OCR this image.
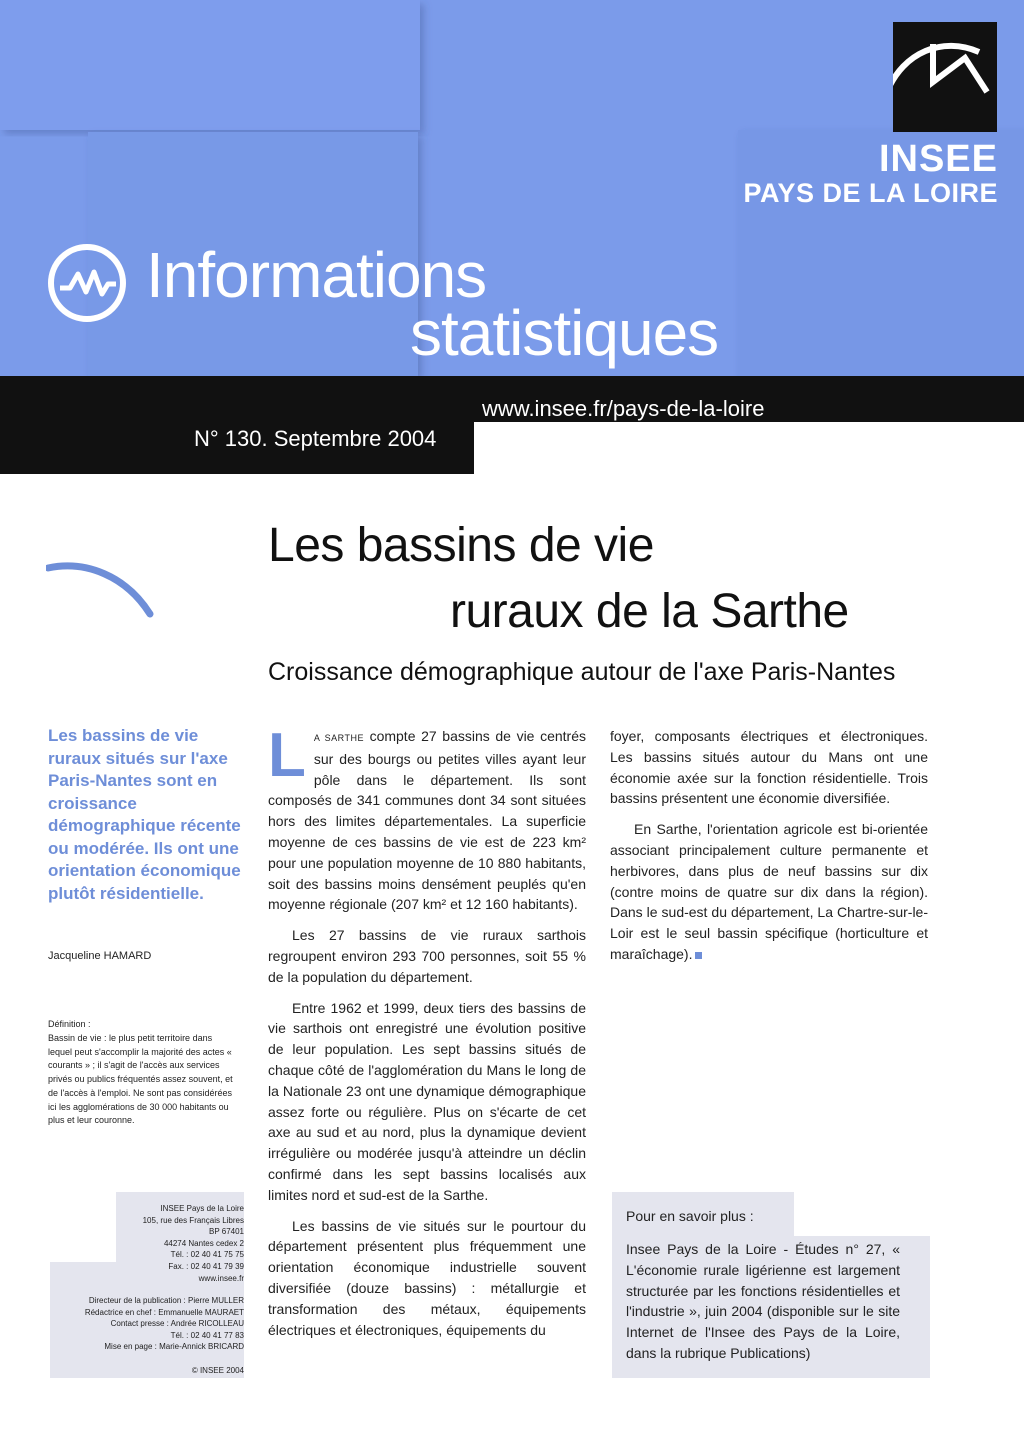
INSEE
PAYS DE LA LOIRE
Informations
statistiques
www.insee.fr/pays-de-la-loire
N° 130. Septembre 2004
Les bassins de vie
ruraux de la Sarthe
Croissance démographique autour de l'axe Paris-Nantes
Les bassins de vie ruraux situés sur l'axe Paris-Nantes sont en croissance démographique récente ou modérée. Ils ont une orientation économique plutôt résidentielle.
Jacqueline HAMARD
Définition :
Bassin de vie : le plus petit territoire dans lequel peut s'accomplir la majorité des actes « courants » ; il s'agit de l'accès aux services privés ou publics fréquentés assez souvent, et de l'accès à l'emploi. Ne sont pas considérées ici les agglomérations de 30 000 habitants ou plus et leur couronne.
INSEE Pays de la Loire
105, rue des Français Libres
BP 67401
44274 Nantes cedex 2
Tél. : 02 40 41 75 75
Fax. : 02 40 41 79 39
www.insee.fr
Directeur de la publication : Pierre MULLER
Rédactrice en chef : Emmanuelle MAURAET
Contact presse : Andrée RICOLLEAU
Tél. : 02 40 41 77 83
Mise en page : Marie-Annick BRICARD
© INSEE 2004

L A SARTHE compte 27 bassins de vie centrés sur des bourgs ou petites villes ayant leur pôle dans le département. Ils sont composés de 341 communes dont 34 sont situées hors des limites départementales. La superficie moyenne de ces bassins de vie est de 223 km² pour une population moyenne de 10 880 habitants, soit des bassins moins densément peuplés qu'en moyenne régionale (207 km² et 12 160 habitants).

Les 27 bassins de vie ruraux sarthois regroupent environ 293 700 personnes, soit 55 % de la population du département.

Entre 1962 et 1999, deux tiers des bassins de vie sarthois ont enregistré une évolution positive de leur population. Les sept bassins situés de chaque côté de l'agglomération du Mans le long de la Nationale 23 ont une dynamique démographique assez forte ou régulière. Plus on s'écarte de cet axe au sud et au nord, plus la dynamique devient irrégulière ou modérée jusqu'à atteindre un déclin confirmé dans les sept bassins localisés aux limites nord et sud-est de la Sarthe.

Les bassins de vie situés sur le pourtour du département présentent plus fréquemment une orientation économique industrielle souvent diversifiée (douze bassins) : métallurgie et transformation des métaux, équipements électriques et électroniques, équipements du

foyer, composants électriques et électroniques. Les bassins situés autour du Mans ont une économie axée sur la fonction résidentielle. Trois bassins présentent une économie diversifiée.

En Sarthe, l'orientation agricole est bi-orientée associant principalement culture permanente et herbivores, dans plus de neuf bassins sur dix (contre moins de quatre sur dix dans la région). Dans le sud-est du département, La Chartre-sur-le-Loir est le seul bassin spécifique (horticulture et maraîchage).

Pour en savoir plus :
Insee Pays de la Loire - Études n° 27, « L'économie rurale ligérienne est largement structurée par les fonctions résidentielles et l'industrie », juin 2004 (disponible sur le site Internet de l'Insee des Pays de la Loire, dans la rubrique Publications)
